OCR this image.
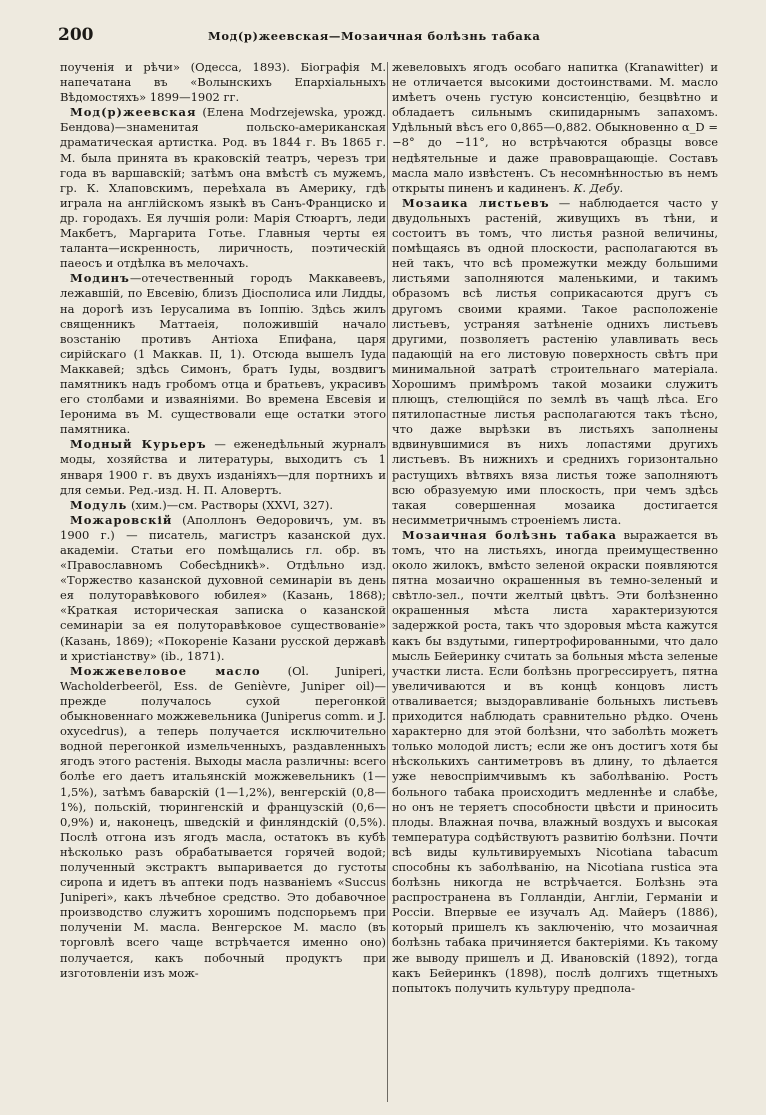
200	Мод(р)жеевская—Мозаичная болѣзнь табака

поученія и рѣчи» (Одесса, 1893). Біографія М. напечатана въ «Волынскихъ Епархіальныхъ Вѣдомостяхъ» 1899—1902 гг.

Мод(р)жеевская (Елена Modrzejewska, урожд. Бендова)—знаменитая польско-американская драматическая артистка. Род. въ 1844 г. Въ 1865 г. М. была принята въ краковскій театръ, черезъ три года въ варшавскій; затѣмъ она вмѣстѣ съ мужемъ, гр. К. Хлаповскимъ, переѣхала въ Америку, гдѣ играла на англійскомъ языкѣ въ Санъ-Франциско и др. городахъ. Ея лучшія роли: Марія Стюартъ, леди Макбетъ, Маргарита Готье. Главныя черты ея таланта—искренность, лиричность, поэтическій паеосъ и отдѣлка въ мелочахъ.

Модинъ—отечественный городъ Маккавеевъ, лежавшій, по Евсевію, близъ Діосполиса или Лидды, на дорогѣ изъ Іерусалима въ Іоппію. Здѣсь жилъ священникъ Маттаеія, положившій начало возстанію противъ Антіоха Епифана, царя сирійскаго (1 Маккав. II, 1). Отсюда вышелъ Іуда Маккавей; здѣсь Симонъ, братъ Іуды, воздвигъ памятникъ надъ гробомъ отца и братьевъ, украсивъ его столбами и изваяніями. Во времена Евсевія и Іеронима въ М. существовали еще остатки этого памятника.

Модный Курьеръ — еженедѣльный журналъ моды, хозяйства и литературы, выходитъ съ 1 января 1900 г. въ двухъ изданіяхъ—для портнихъ и для семьи. Ред.-изд. Н. П. Аловертъ.

Модуль (хим.)—см. Растворы (XXVI, 327).

Можаровскій (Аполлонъ Ѳедоровичъ, ум. въ 1900 г.) — писатель, магистръ казанской дух. академіи. Статьи его помѣщались гл. обр. въ «Православномъ Собесѣдникѣ». Отдѣльно изд. «Торжество казанской духовной семинаріи въ день ея полуторавѣкового юбилея» (Казань, 1868); «Краткая историческая записка о казанской семинаріи за ея полуторавѣковое существованіе» (Казань, 1869); «Покореніе Казани русской державѣ и христіанству» (ib., 1871).

Можжевеловое масло (Ol. Juniperi, Wacholderbeeröl, Ess. de Genièvre, Juniper oil)—прежде получалось сухой перегонкой обыкновеннаго можжевельника (Juniperus comm. и J. oxycedrus), а теперь получается исключительно водной перегонкой измельченныхъ, раздавленныхъ ягодъ этого растенія. Выходы масла различны: всего болѣе его даетъ итальянскій можжевельникъ (1—1,5%), затѣмъ баварскій (1—1,2%), венгерскій (0,8—1%), польскій, тюрингенскій и французскій (0,6—0,9%) и, наконецъ, шведскій и финляндскій (0,5%). Послѣ отгона изъ ягодъ масла, остатокъ въ кубѣ нѣсколько разъ обрабатывается горячей водой; полученный экстрактъ выпаривается до густоты сиропа и идетъ въ аптеки подъ названіемъ «Succus Juniperi», какъ лѣчебное средство. Это добавочное производство служитъ хорошимъ подспорьемъ при полученіи М. масла. Венгерское М. масло (въ торговлѣ всего чаще встрѣчается именно оно) получается, какъ побочный продуктъ при изготовленіи изъ мож-

жевеловыхъ ягодъ особаго напитка (Kranawitter) и не отличается высокими достоинствами. М. масло имѣетъ очень густую консистенцію, безцвѣтно и обладаетъ сильнымъ скипидарнымъ запахомъ. Удѣльный вѣсъ его 0,865—0,882. Обыкновенно α_D = −8° до −11°, но встрѣчаются образцы вовсе недѣятельные и даже правовращающіе. Составъ масла мало извѣстенъ. Съ несомнѣнностью въ немъ открыты пиненъ и кадиненъ. К. Дебу.

Мозаика листьевъ — наблюдается часто у двудольныхъ растеній, живущихъ въ тѣни, и состоитъ въ томъ, что листья разной величины, помѣщаясь въ одной плоскости, располагаются въ ней такъ, что всѣ промежутки между большими листьями заполняются маленькими, и такимъ образомъ всѣ листья соприкасаются другъ съ другомъ своими краями. Такое расположеніе листьевъ, устраняя затѣненіе однихъ листьевъ другими, позволяетъ растенію улавливать весь падающій на его листовую поверхность свѣтъ при минимальной затратѣ строительнаго матеріала. Хорошимъ примѣромъ такой мозаики служитъ плющъ, стелющійся по землѣ въ чащѣ лѣса. Его пятилопастные листья располагаются такъ тѣсно, что даже вырѣзки въ листьяхъ заполнены вдвинувшимися въ нихъ лопастями другихъ листьевъ. Въ нижнихъ и среднихъ горизонтально растущихъ вѣтвяхъ вяза листья тоже заполняютъ всю образуемую ими плоскость, при чемъ здѣсь такая совершенная мозаика достигается несимметричнымъ строеніемъ листа.

Мозаичная болѣзнь табака выражается въ томъ, что на листьяхъ, иногда преимущественно около жилокъ, вмѣсто зеленой окраски появляются пятна мозаично окрашенныя въ темно-зеленый и свѣтло-зел., почти желтый цвѣтъ. Эти болѣзненно окрашенныя мѣста листа характеризуются задержкой роста, такъ что здоровыя мѣста кажутся какъ бы вздутыми, гипертрофированными, что дало мысль Бейеринку считать за больныя мѣста зеленые участки листа. Если болѣзнь прогрессируетъ, пятна увеличиваются и въ концѣ концовъ листъ отваливается; выздоравливаніе больныхъ листьевъ приходится наблюдать сравнительно рѣдко. Очень характерно для этой болѣзни, что заболѣть можетъ только молодой листъ; если же онъ достигъ хотя бы нѣсколькихъ сантиметровъ въ длину, то дѣлается уже невоспріимчивымъ къ заболѣванію. Ростъ больного табака происходитъ медленнѣе и слабѣе, но онъ не теряетъ способности цвѣсти и приносить плоды. Влажная почва, влажный воздухъ и высокая температура содѣйствуютъ развитію болѣзни. Почти всѣ виды культивируемыхъ Nicotiana tabacum способны къ заболѣванію, на Nicotiana rustica эта болѣзнь никогда не встрѣчается. Болѣзнь эта распространена въ Голландіи, Англіи, Германіи и Россіи. Впервые ее изучалъ Ад. Майеръ (1886), который пришелъ къ заключенію, что мозаичная болѣзнь табака причиняется бактеріями. Къ такому же выводу пришелъ и Д. Ивановскій (1892), тогда какъ Бейеринкъ (1898), послѣ долгихъ тщетныхъ попытокъ получить культуру предпола-
